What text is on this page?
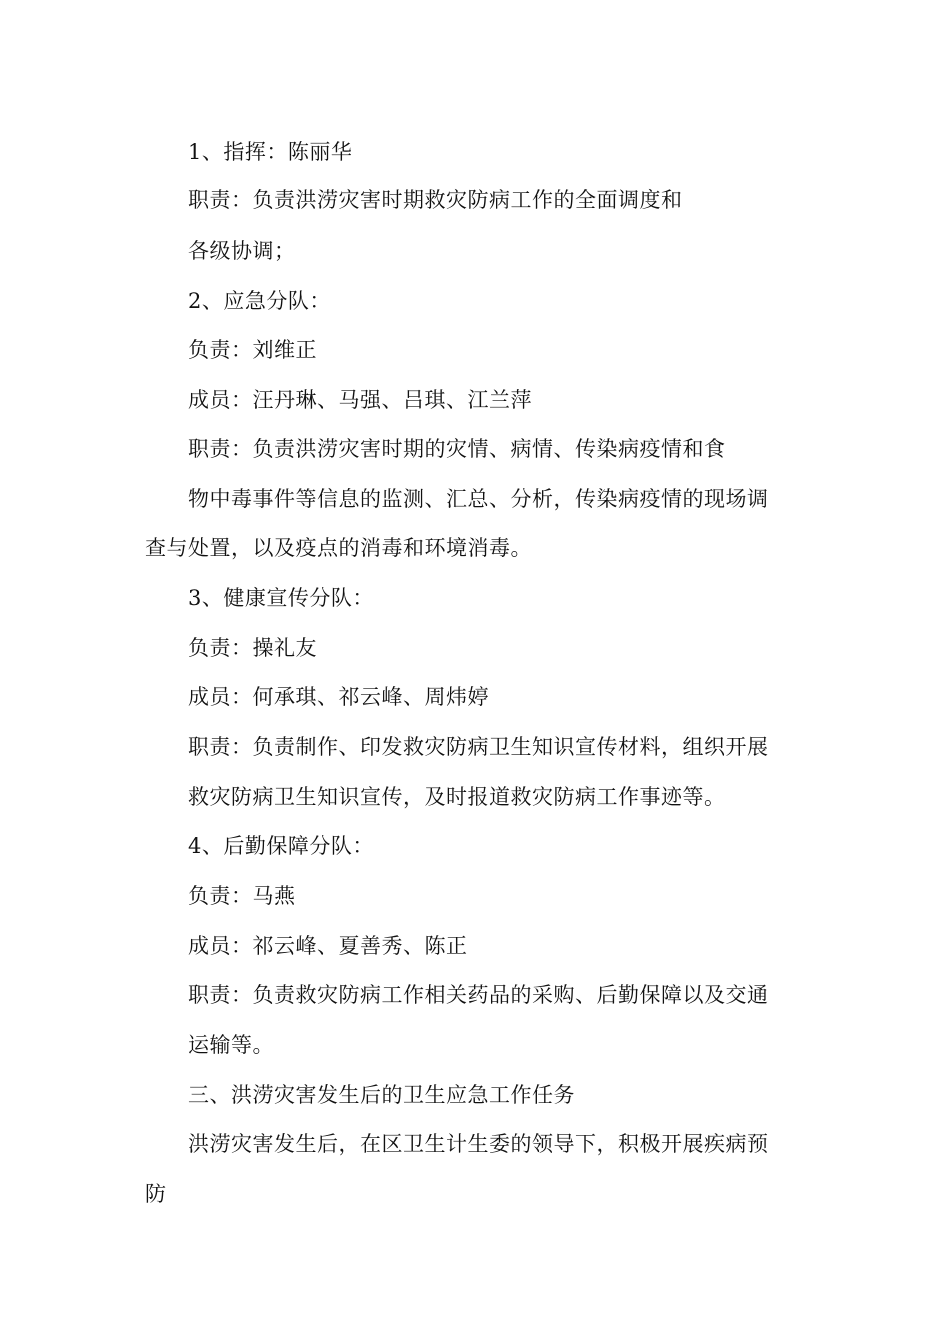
1、指挥：陈丽华
职责：负责洪涝灾害时期救灾防病工作的全面调度和
各级协调；
2、应急分队：
负责：刘维正
成员：汪丹琳、马强、吕琪、江兰萍
职责：负责洪涝灾害时期的灾情、病情、传染病疫情和食
物中毒事件等信息的监测、汇总、分析，传染病疫情的现场调
查与处置，以及疫点的消毒和环境消毒。
3、健康宣传分队：
负责：操礼友
成员：何承琪、祁云峰、周炜婷
职责：负责制作、印发救灾防病卫生知识宣传材料，组织开展
救灾防病卫生知识宣传，及时报道救灾防病工作事迹等。
4、后勤保障分队：
负责：马燕
成员：祁云峰、夏善秀、陈正
职责：负责救灾防病工作相关药品的采购、后勤保障以及交通
运输等。
三、洪涝灾害发生后的卫生应急工作任务
洪涝灾害发生后，在区卫生计生委的领导下，积极开展疾病预
防
